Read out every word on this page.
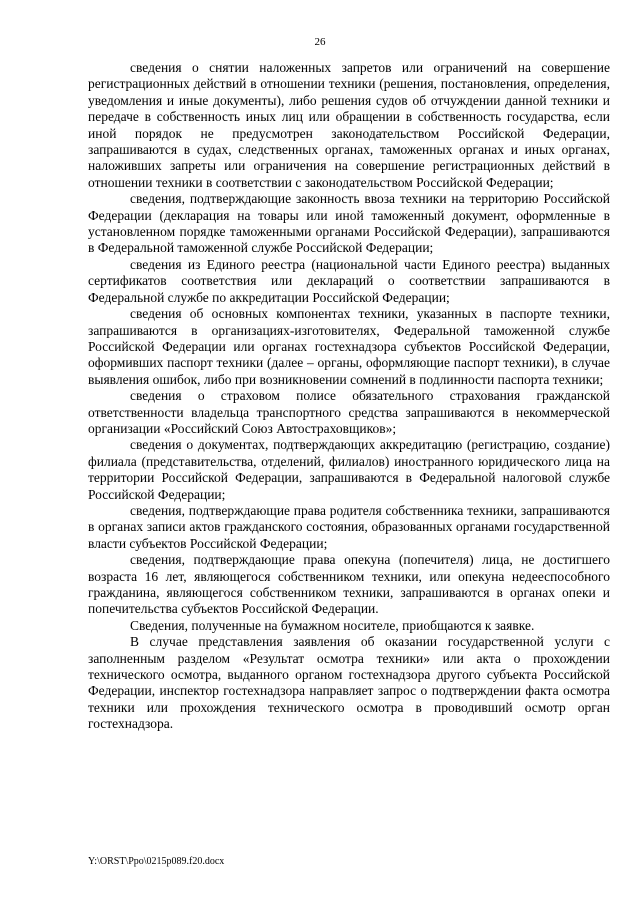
26

сведения о снятии наложенных запретов или ограничений на совершение регистрационных действий в отношении техники (решения, постановления, определения, уведомления и иные документы), либо решения судов об отчуждении данной техники и передаче в собственность иных лиц или обращении в собственность государства, если иной порядок не предусмотрен законодательством Российской Федерации, запрашиваются в судах, следственных органах, таможенных органах и иных органах, наложивших запреты или ограничения на совершение регистрационных действий в отношении техники в соответствии с законодательством Российской Федерации;

сведения, подтверждающие законность ввоза техники на территорию Российской Федерации (декларация на товары или иной таможенный документ, оформленные в установленном порядке таможенными органами Российской Федерации), запрашиваются в Федеральной таможенной службе Российской Федерации;

сведения из Единого реестра (национальной части Единого реестра) выданных сертификатов соответствия или деклараций о соответствии запрашиваются в Федеральной службе по аккредитации Российской Федерации;

сведения об основных компонентах техники, указанных в паспорте техники, запрашиваются в организациях-изготовителях, Федеральной таможенной службе Российской Федерации или органах гостехнадзора субъектов Российской Федерации, оформивших паспорт техники (далее – органы, оформляющие паспорт техники), в случае выявления ошибок, либо при возникновении сомнений в подлинности паспорта техники;

сведения о страховом полисе обязательного страхования гражданской ответственности владельца транспортного средства запрашиваются в некоммерческой организации «Российский Союз Автостраховщиков»;

сведения о документах, подтверждающих аккредитацию (регистрацию, создание) филиала (представительства, отделений, филиалов) иностранного юридического лица на территории Российской Федерации, запрашиваются в Федеральной налоговой службе Российской Федерации;

сведения, подтверждающие права родителя собственника техники, запрашиваются в органах записи актов гражданского состояния, образованных органами государственной власти субъектов Российской Федерации;

сведения, подтверждающие права опекуна (попечителя) лица, не достигшего возраста 16 лет, являющегося собственником техники, или опекуна недееспособного гражданина, являющегося собственником техники, запрашиваются в органах опеки и попечительства субъектов Российской Федерации.

Сведения, полученные на бумажном носителе, приобщаются к заявке.

В случае представления заявления об оказании государственной услуги с заполненным разделом «Результат осмотра техники» или акта о прохождении технического осмотра, выданного органом гостехнадзора другого субъекта Российской Федерации, инспектор гостехнадзора направляет запрос о подтверждении факта осмотра техники или прохождения технического осмотра в проводивший осмотр орган гостехнадзора.

Y:\ORST\Ppo\0215p089.f20.docx
